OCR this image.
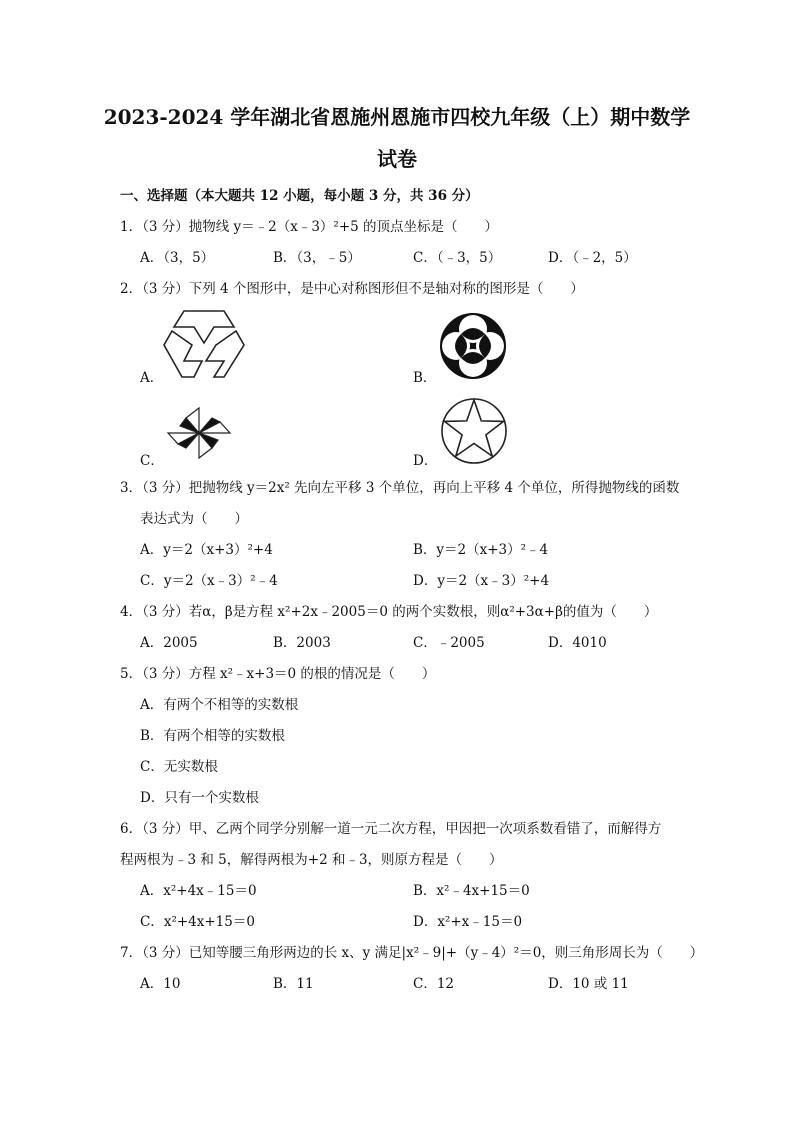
2023-2024 学年湖北省恩施州恩施市四校九年级（上）期中数学
试卷
一、选择题（本大题共 12 小题，每小题 3 分，共 36 分）
1．（3 分）抛物线 y＝﹣2（x﹣3）²+5 的顶点坐标是（　　）
A．（3，5）	B．（3，﹣5）	C．（﹣3，5）	D．（﹣2，5）
2．（3 分）下列 4 个图形中，是中心对称图形但不是轴对称的图形是（　　）
A．	B．
C．	D．
3．（3 分）把抛物线 y＝2x² 先向左平移 3 个单位，再向上平移 4 个单位，所得抛物线的函数
表达式为（　　）
A．y＝2（x+3）²+4	B．y＝2（x+3）²﹣4
C．y＝2（x﹣3）²﹣4	D．y＝2（x﹣3）²+4
4．（3 分）若α，β是方程 x²+2x﹣2005＝0 的两个实数根，则α²+3α+β的值为（　　）
A．2005	B．2003	C．﹣2005	D．4010
5．（3 分）方程 x²﹣x+3＝0 的根的情况是（　　）
A．有两个不相等的实数根
B．有两个相等的实数根
C．无实数根
D．只有一个实数根
6．（3 分）甲、乙两个同学分别解一道一元二次方程，甲因把一次项系数看错了，而解得方
程两根为﹣3 和 5，解得两根为+2 和﹣3，则原方程是（　　）
A．x²+4x﹣15＝0	B．x²﹣4x+15＝0
C．x²+4x+15＝0	D．x²+x﹣15＝0
7．（3 分）已知等腰三角形两边的长 x、y 满足|x²﹣9|+（y﹣4）²＝0，则三角形周长为（　　）
A．10	B．11	C．12	D．10 或 11
